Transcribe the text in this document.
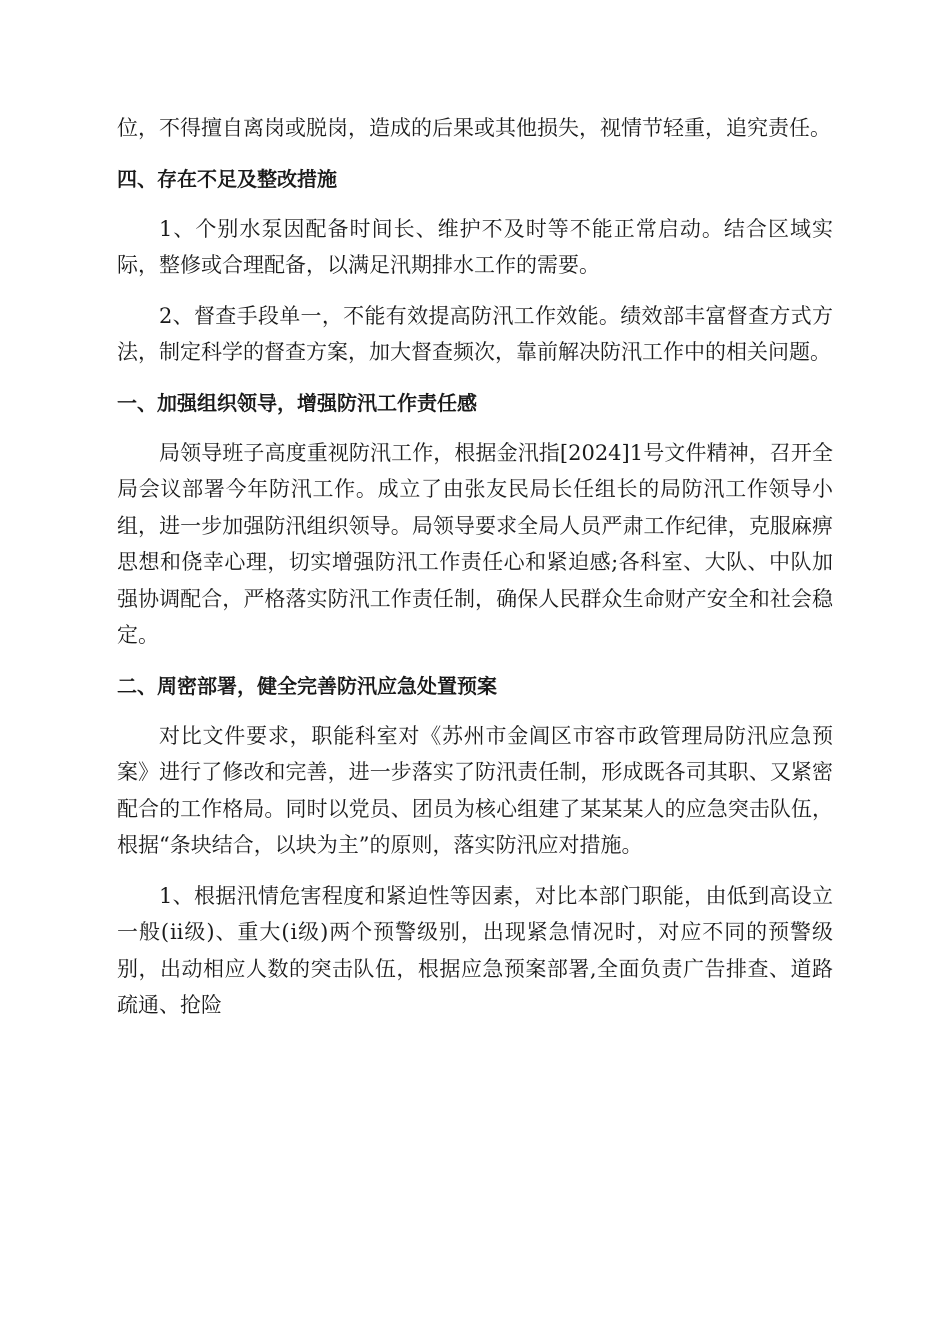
位，不得擅自离岗或脱岗，造成的后果或其他损失，视情节轻重，追究责任。

四、存在不足及整改措施

1、个别水泵因配备时间长、维护不及时等不能正常启动。结合区域实际，整修或合理配备，以满足汛期排水工作的需要。

2、督查手段单一，不能有效提高防汛工作效能。绩效部丰富督查方式方法，制定科学的督查方案，加大督查频次，靠前解决防汛工作中的相关问题。

一、加强组织领导，增强防汛工作责任感

局领导班子高度重视防汛工作，根据金汛指[2024]1号文件精神，召开全局会议部署今年防汛工作。成立了由张友民局长任组长的局防汛工作领导小组，进一步加强防汛组织领导。局领导要求全局人员严肃工作纪律，克服麻痹思想和侥幸心理，切实增强防汛工作责任心和紧迫感;各科室、大队、中队加强协调配合，严格落实防汛工作责任制，确保人民群众生命财产安全和社会稳定。

二、周密部署，健全完善防汛应急处置预案

对比文件要求，职能科室对《苏州市金阊区市容市政管理局防汛应急预案》进行了修改和完善，进一步落实了防汛责任制，形成既各司其职、又紧密配合的工作格局。同时以党员、团员为核心组建了某某某人的应急突击队伍，根据“条块结合，以块为主”的原则，落实防汛应对措施。

1、根据汛情危害程度和紧迫性等因素，对比本部门职能，由低到高设立一般(ⅱ级)、重大(ⅰ级)两个预警级别，出现紧急情况时，对应不同的预警级别，出动相应人数的突击队伍，根据应急预案部署,全面负责广告排查、道路疏通、抢险
